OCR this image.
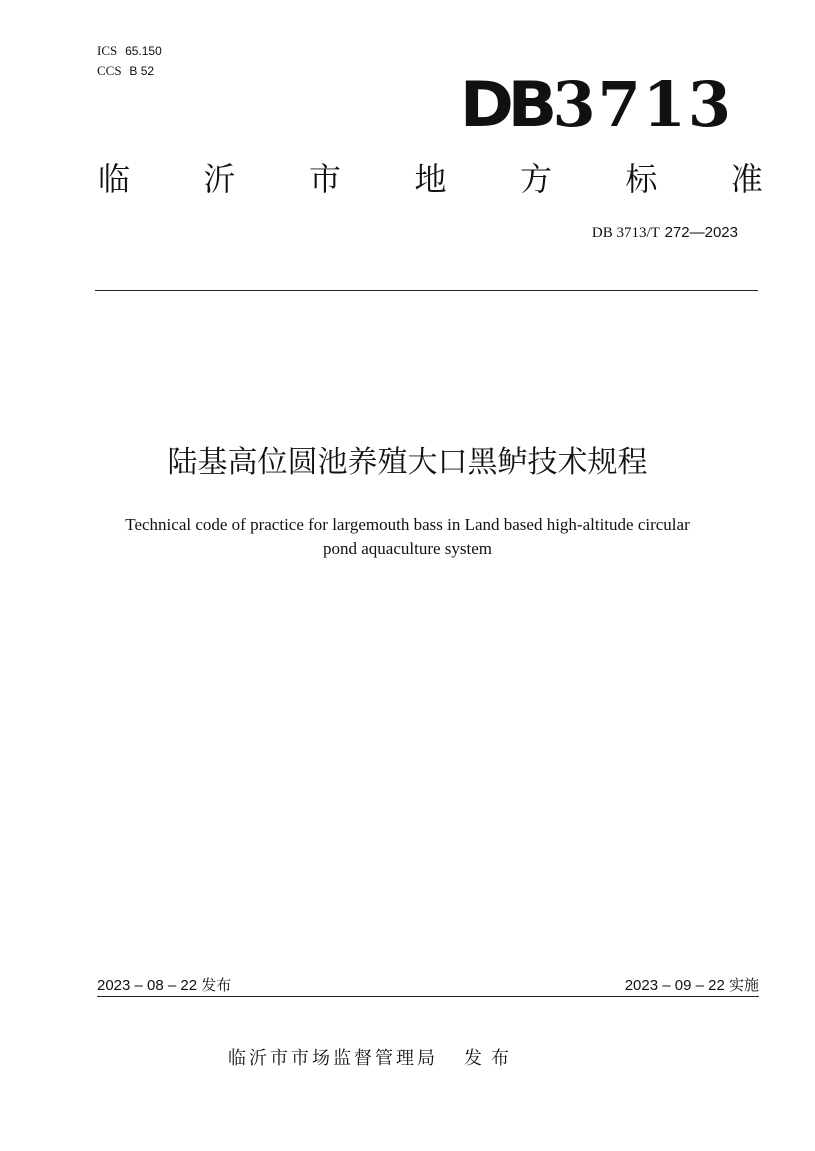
ICS 65.150
CCS B 52	DB3713
临 沂 市 地 方 标 准
DB 3713/T 272—2023
陆基高位圆池养殖大口黑鲈技术规程
Technical code of practice for largemouth bass in Land based high-altitude circular
pond aquaculture system
2023 – 08 – 22 发布	2023 – 09 – 22 实施
临沂市市场监督管理局 发布
